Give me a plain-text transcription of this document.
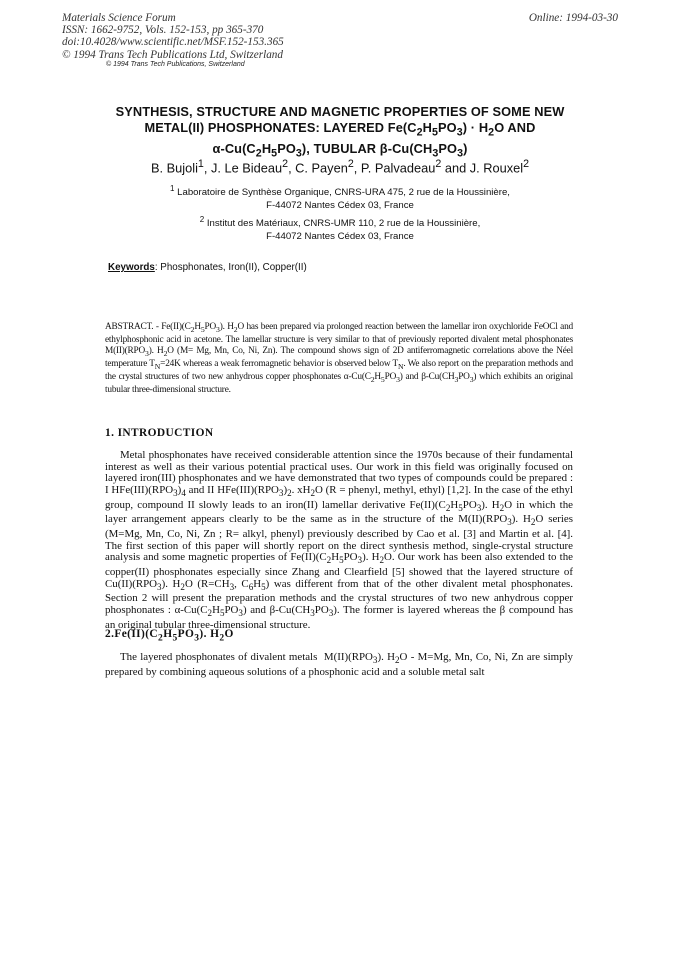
Materials Science Forum	Online: 1994-03-30
ISSN: 1662-9752, Vols. 152-153, pp 365-370
doi:10.4028/www.scientific.net/MSF.152-153.365
© 1994 Trans Tech Publications Ltd, Switzerland
© 1994 Trans Tech Publications, Switzerland
SYNTHESIS, STRUCTURE AND MAGNETIC PROPERTIES OF SOME NEW
METAL(II) PHOSPHONATES: LAYERED $Fe(C_2H_5PO_3) \cdot H_2O$ AND
$\alpha-Cu(C_2H_5PO_3)$, TUBULAR $\beta-Cu(CH_3PO_3)$
B. Bujoli$^1$, J. Le Bideau$^2$, C. Payen$^2$, P. Palvadeau$^2$ and J. Rouxel$^2$
$^1$ Laboratoire de Synthèse Organique, CNRS-URA 475, 2 rue de la Houssinière,
F-44072 Nantes Cédex 03, France
$^2$ Institut des Matériaux, CNRS-UMR 110, 2 rue de la Houssinière,
F-44072 Nantes Cédex 03, France
Keywords: Phosphonates, Iron(II), Copper(II)
ABSTRACT. - $Fe(II)(C_2H_5PO_3)$. $H_2O$ has been prepared via prolonged reaction between the lamellar iron oxychloride FeOCl and ethylphosphonic acid in acetone. The lamellar structure is very similar to that of previously reported divalent metal phosphonates $M(II)(RPO_3)$. $H_2O$ (M= Mg, Mn, Co, Ni, Zn). The compound shows sign of 2D antiferromagnetic correlations above the Néel temperature $T_N=24K$ whereas a weak ferromagnetic behavior is observed below $T_N$. We also report on the preparation methods and the crystal structures of two new anhydrous copper phosphonates $\alpha-Cu(C_2H_5PO_3)$ and $\beta-Cu(CH_3PO_3)$ which exhibits an original tubular three-dimensional structure.
1. INTRODUCTION
Metal phosphonates have received considerable attention since the 1970s because of their fundamental interest as well as their various potential practical uses. Our work in this field was originally focused on layered iron(III) phosphonates and we have demonstrated that two types of compounds could be prepared : I $HFe(III)(RPO_3)_4$ and II $HFe(III)(RPO_3)_2$. $xH_2O$ (R = phenyl, methyl, ethyl) [1,2]. In the case of the ethyl group, compound II slowly leads to an iron(II) lamellar derivative $Fe(II)(C_2H_5PO_3)$. $H_2O$ in which the layer arrangement appears clearly to be the same as in the structure of the $M(II)(RPO_3)$. $H_2O$ series (M=Mg, Mn, Co, Ni, Zn ; R= alkyl, phenyl) previously described by Cao et al. [3] and Martin et al. [4]. The first section of this paper will shortly report on the direct synthesis method, single-crystal structure analysis and some magnetic properties of $Fe(II)(C_2H_5PO_3)$. $H_2O$. Our work has been also extended to the copper(II) phosphonates especially since Zhang and Clearfield [5] showed that the layered structure of $Cu(II)(RPO_3)$. $H_2O$ ($R=CH_3$, $C_6H_5$) was different from that of the other divalent metal phosphonates. Section 2 will present the preparation methods and the crystal structures of two new anhydrous copper phosphonates : $\alpha-Cu(C_2H_5PO_3)$ and $\beta-Cu(CH_3PO_3)$. The former is layered whereas the β compound has an original tubular three-dimensional structure.
$2.Fe(II)(C_2H_5PO_3)$. $H_2O$
The layered phosphonates of divalent metals  $M(II)(RPO_3)$. $H_2O - M=Mg$, Mn, Co, Ni, Zn are simply prepared by combining aqueous solutions of a phosphonic acid and a soluble metal salt
